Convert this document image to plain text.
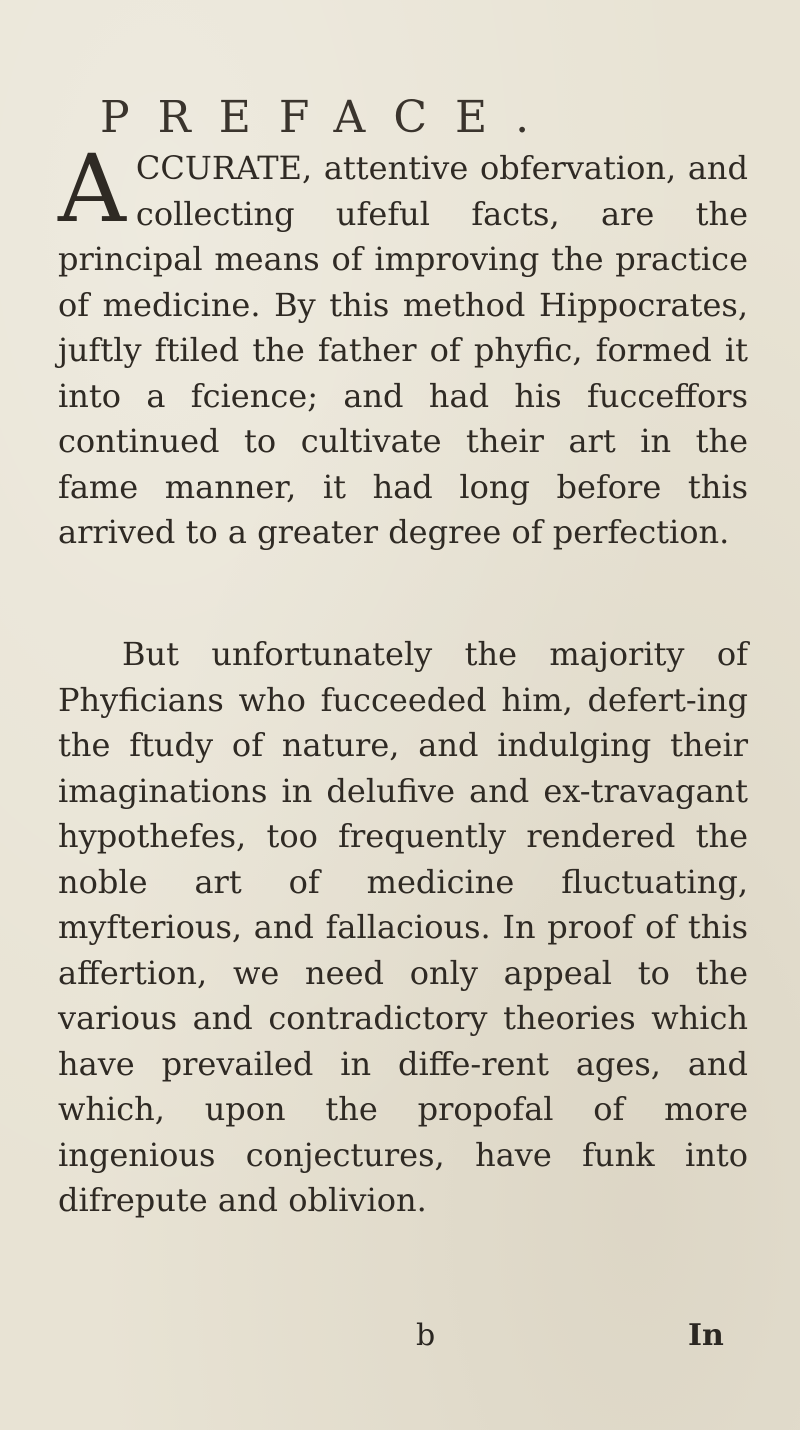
PREFACE.
ACCURATE, attentive obfervation, and collecting ufeful facts, are the principal means of improving the practice of medicine. By this method Hippocrates, juftly ftiled the father of phyfic, formed it into a fcience; and had his fucceffors continued to cultivate their art in the fame manner, it had long before this arrived to a greater degree of perfection.
But unfortunately the majority of Phyficians who fucceeded him, defert-ing the ftudy of nature, and indulging their imaginations in delufive and ex-travagant hypothefes, too frequently rendered the noble art of medicine fluctuating, myfterious, and fallacious. In proof of this affertion, we need only appeal to the various and contradictory theories which have prevailed in diffe-rent ages, and which, upon the propofal of more ingenious conjectures, have funk into difrepute and oblivion.
b	In
